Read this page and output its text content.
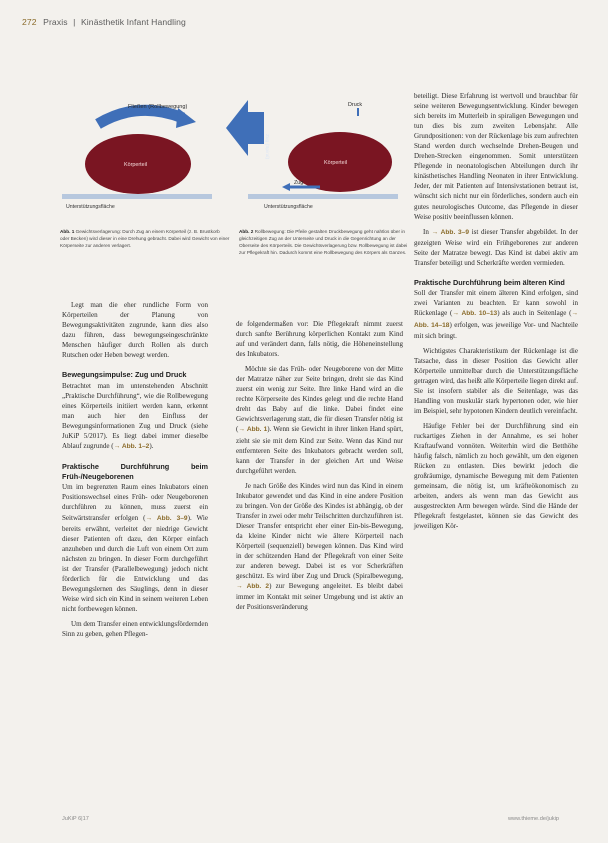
272 Praxis | Kinästhetik Infant Handling
Fließen (Rollbewegung)
Körperteil
Unterstützungsfläche
Zug (Spiral)
Druck
Körperteil
Zug
Unterstützungsfläche
Abb. 1 Gewichtsverlagerung: Durch Zug an einem Körperteil (z. B. Brustkorb oder Becken) wird dieser in eine Drehung gebracht. Dabei wird Gewicht von einer Körperseite zur anderen verlagert.
Abb. 2 Rollbewegung: Die Pfeile gestalten Druckbewegung geht nahtlos über in gleichzeitigen Zug an der Unterseite und Druck in die Gegenrichtung an der Oberseite des Körperteils. Die Gewichtsverlagerung bzw. Rollbewegung ist dabei zur Pflegekraft hin. Dadurch kommt eine Rollbewegung des Körpers als Ganzes.

Legt man die eher rundliche Form von Körperteilen der Planung von Bewegungsaktivitäten zugrunde, kann dies also dazu führen, dass bewegungseingeschränkte Menschen häufiger durch Rollen als durch Rutschen oder Heben bewegt werden.

Bewegungsimpulse: Zug und Druck

Betrachtet man im untenstehenden Abschnitt „Praktische Durchführung“, wie die Rollbewegung eines Körperteils initiiert werden kann, erkennt man auch hier den Einfluss der Bewegungsinformationen Zug und Druck (siehe JuKiP 5/2017). Es liegt dabei immer dieselbe Ablauf zugrunde (→ Abb. 1–2).

Praktische Durchführung beim Früh-/Neugeborenen

Um im begrenzten Raum eines Inkubators einen Positionswechsel eines Früh- oder Neugeborenen durchführen zu können, muss zuerst ein Seitwärtstransfer erfolgen (→ Abb. 3–9). Wie bereits erwähnt, verleitet der niedrige Gewicht dieser Patienten oft dazu, den Körper einfach anzuheben und durch die Luft von einem Ort zum nächsten zu bringen. In dieser Form durchgeführt ist der Transfer (Parallelbewegung) jedoch nicht förderlich für die Entwicklung und das Bewegungslernen des Säuglings, denn in dieser Weise wird sich ein Kind in seinem weiteren Leben nicht fortbewegen können.

Um dem Transfer einen entwicklungsfördernden Sinn zu geben, gehen Pflegen-

de folgendermaßen vor: Die Pflegekraft nimmt zuerst durch sanfte Berührung körperlichen Kontakt zum Kind auf und verändert dann, falls nötig, die Höheneinstellung des Inkubators.

Möchte sie das Früh- oder Neugeborene von der Mitte der Matratze näher zur Seite bringen, dreht sie das Kind zuerst ein wenig zur Seite. Ihre linke Hand wird an die rechte Körperseite des Kindes gelegt und die rechte Hand dreht das Baby auf die linke. Dabei findet eine Gewichtsverlagerung statt, die für diesen Transfer nötig ist (→ Abb. 1). Wenn sie Gewicht in ihrer linken Hand spürt, zieht sie sie mit dem Kind zur Seite. Wenn das Kind nur entfernteren Seite des Inkubators gebracht werden soll, kann der Transfer in der gleichen Art und Weise durchgeführt werden.

Je nach Größe des Kindes wird nun das Kind in einem Inkubator gewendet und das Kind in eine andere Position zu bringen. Von der Größe des Kindes ist abhängig, ob der Transfer in zwei oder mehr Teilschritten durchzuführen ist. Dieser Transfer entspricht eher einer Ein-bis-Bewegung, da kleine Kinder nicht wie ältere Körperteil nach Körperteil (sequenziell) bewegen können. Das Kind wird in der schützenden Hand der Pflegekraft von einer Seite zur anderen bewegt. Dabei ist es vor Scherkräften geschützt. Es wird über Zug und Druck (Spiralbewegung, → Abb. 2) zur Bewegung angeleitet. Es bleibt dabei immer im Kontakt mit seiner Umgebung und ist aktiv an der Positionsveränderung

beteiligt. Diese Erfahrung ist wertvoll und brauchbar für seine weiteren Bewegungsentwicklung. Kinder bewegen sich bereits im Mutterleib in spiraligen Bewegungen und tun dies bis zum zweiten Lebensjahr. Alle Grundpositionen: von der Rückenlage bis zum aufrechten Stand werden durch wechselnde Drehen-Beugen und Drehen-Strecken eingenommen. Somit unterstützen Pflegende in neonatologischen Abteilungen durch ihr kinästhetisches Handling Neonaten in ihrer Entwicklung. Jeder, der mit Patienten auf Intensivstationen betraut ist, wünscht sich nicht nur ein förderliches, sondern auch ein gutes neurologisches Outcome, das Pflegende in dieser Weise positiv beeinflussen können.

In → Abb. 3–9 ist dieser Transfer abgebildet. In der gezeigten Weise wird ein Frühgeborenes zur anderen Seite der Matratze bewegt. Das Kind ist dabei aktiv am Transfer beteiligt und Scherkräfte werden vermieden.

Praktische Durchführung beim älteren Kind

Soll der Transfer mit einem älteren Kind erfolgen, sind zwei Varianten zu beachten. Er kann sowohl in Rückenlage (→ Abb. 10–13) als auch in Seitenlage (→ Abb. 14–18) erfolgen, was jeweilige Vor- und Nachteile mit sich bringt.

Wichtigstes Charakteristikum der Rückenlage ist die Tatsache, dass in dieser Position das Gewicht aller Körperteile unmittelbar durch die Unterstützungsfläche getragen wird, das heißt alle Körperteile liegen direkt auf. Sie ist insofern stabiler als die Seitenlage, was das Handling von muskulär stark hypertonen oder, wie hier im Beispiel, sehr hypotonen Kindern deutlich vereinfacht.

Häufige Fehler bei der Durchführung sind ein ruckartiges Ziehen in der Annahme, es sei hoher Kraftaufwand vonnöten. Weiterhin wird die Betthöhe häufig falsch, nämlich zu hoch gewählt, um den eigenen Rücken zu entlasten. Dies bewirkt jedoch die großräumige, dynamische Bewegung mit dem Patienten gemeinsam, die nötig ist, um kräfteökonomisch zu arbeiten, anders als wenn man das Gewicht aus ausgestreckten Arm bewegen würde. Sind die Hände der Pflegekraft festgelastet, können sie das Gewicht des jeweiligen Kör-

JuKiP 6|17	www.thieme.de/jukip
